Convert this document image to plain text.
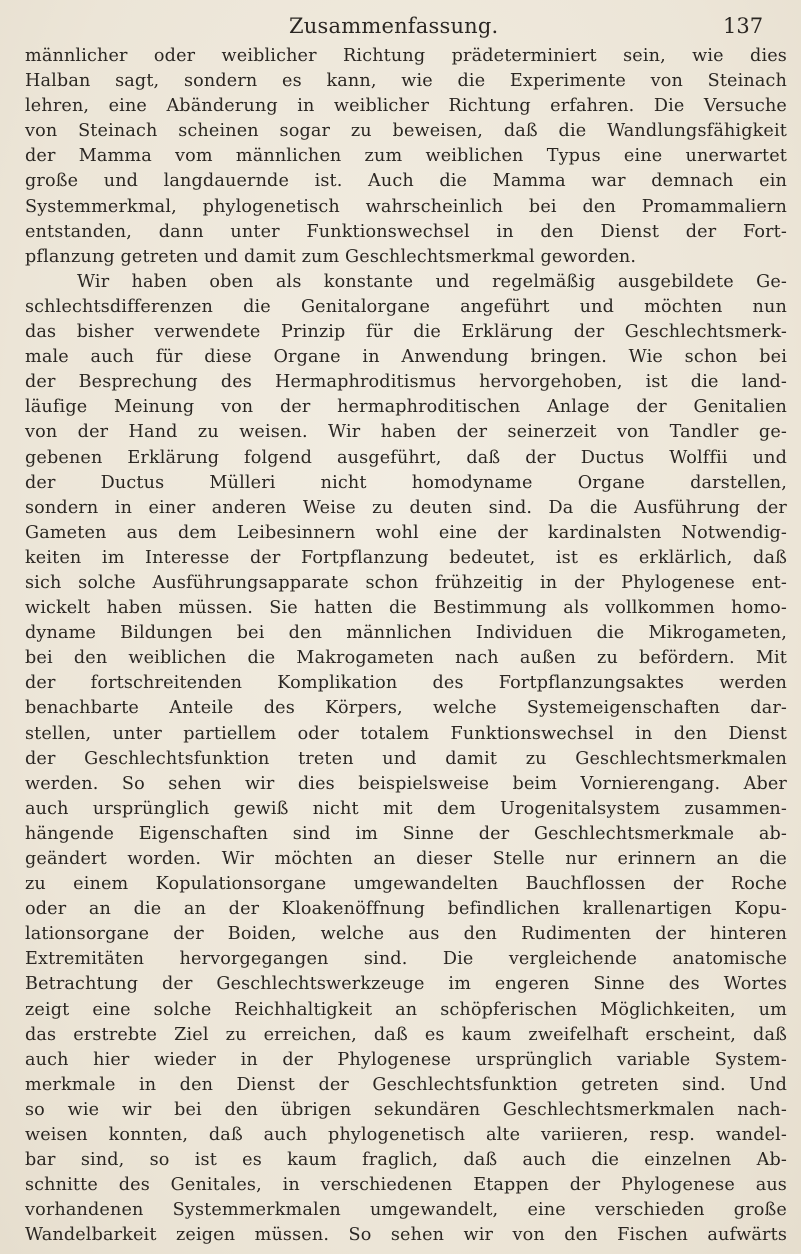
Zusammenfassung.	137
männlicher oder weiblicher Richtung prädeterminiert sein, wie dies
Halban sagt, sondern es kann, wie die Experimente von Steinach
lehren, eine Abänderung in weiblicher Richtung erfahren. Die Versuche
von Steinach scheinen sogar zu beweisen, daß die Wandlungsfähigkeit
der Mamma vom männlichen zum weiblichen Typus eine unerwartet
große und langdauernde ist. Auch die Mamma war demnach ein
Systemmerkmal, phylogenetisch wahrscheinlich bei den Promammaliern
entstanden, dann unter Funktionswechsel in den Dienst der Fort-
pflanzung getreten und damit zum Geschlechtsmerkmal geworden.
Wir haben oben als konstante und regelmäßig ausgebildete Ge-
schlechtsdifferenzen die Genitalorgane angeführt und möchten nun
das bisher verwendete Prinzip für die Erklärung der Geschlechtsmerk-
male auch für diese Organe in Anwendung bringen. Wie schon bei
der Besprechung des Hermaphroditismus hervorgehoben, ist die land-
läufige Meinung von der hermaphroditischen Anlage der Genitalien
von der Hand zu weisen. Wir haben der seinerzeit von Tandler ge-
gebenen Erklärung folgend ausgeführt, daß der Ductus Wolffii und
der Ductus Mülleri nicht homodyname Organe darstellen,
sondern in einer anderen Weise zu deuten sind. Da die Ausführung der
Gameten aus dem Leibesinnern wohl eine der kardinalsten Notwendig-
keiten im Interesse der Fortpflanzung bedeutet, ist es erklärlich, daß
sich solche Ausführungsapparate schon frühzeitig in der Phylogenese ent-
wickelt haben müssen. Sie hatten die Bestimmung als vollkommen homo-
dyname Bildungen bei den männlichen Individuen die Mikrogameten,
bei den weiblichen die Makrogameten nach außen zu befördern. Mit
der fortschreitenden Komplikation des Fortpflanzungsaktes werden
benachbarte Anteile des Körpers, welche Systemeigenschaften dar-
stellen, unter partiellem oder totalem Funktionswechsel in den Dienst
der Geschlechtsfunktion treten und damit zu Geschlechtsmerkmalen
werden. So sehen wir dies beispielsweise beim Vornierengang. Aber
auch ursprünglich gewiß nicht mit dem Urogenitalsystem zusammen-
hängende Eigenschaften sind im Sinne der Geschlechtsmerkmale ab-
geändert worden. Wir möchten an dieser Stelle nur erinnern an die
zu einem Kopulationsorgane umgewandelten Bauchflossen der Roche
oder an die an der Kloakenöffnung befindlichen krallenartigen Kopu-
lationsorgane der Boiden, welche aus den Rudimenten der hinteren
Extremitäten hervorgegangen sind. Die vergleichende anatomische
Betrachtung der Geschlechtswerkzeuge im engeren Sinne des Wortes
zeigt eine solche Reichhaltigkeit an schöpferischen Möglichkeiten, um
das erstrebte Ziel zu erreichen, daß es kaum zweifelhaft erscheint, daß
auch hier wieder in der Phylogenese ursprünglich variable System-
merkmale in den Dienst der Geschlechtsfunktion getreten sind. Und
so wie wir bei den übrigen sekundären Geschlechtsmerkmalen nach-
weisen konnten, daß auch phylogenetisch alte variieren, resp. wandel-
bar sind, so ist es kaum fraglich, daß auch die einzelnen Ab-
schnitte des Genitales, in verschiedenen Etappen der Phylogenese aus
vorhandenen Systemmerkmalen umgewandelt, eine verschieden große
Wandelbarkeit zeigen müssen. So sehen wir von den Fischen aufwärts
